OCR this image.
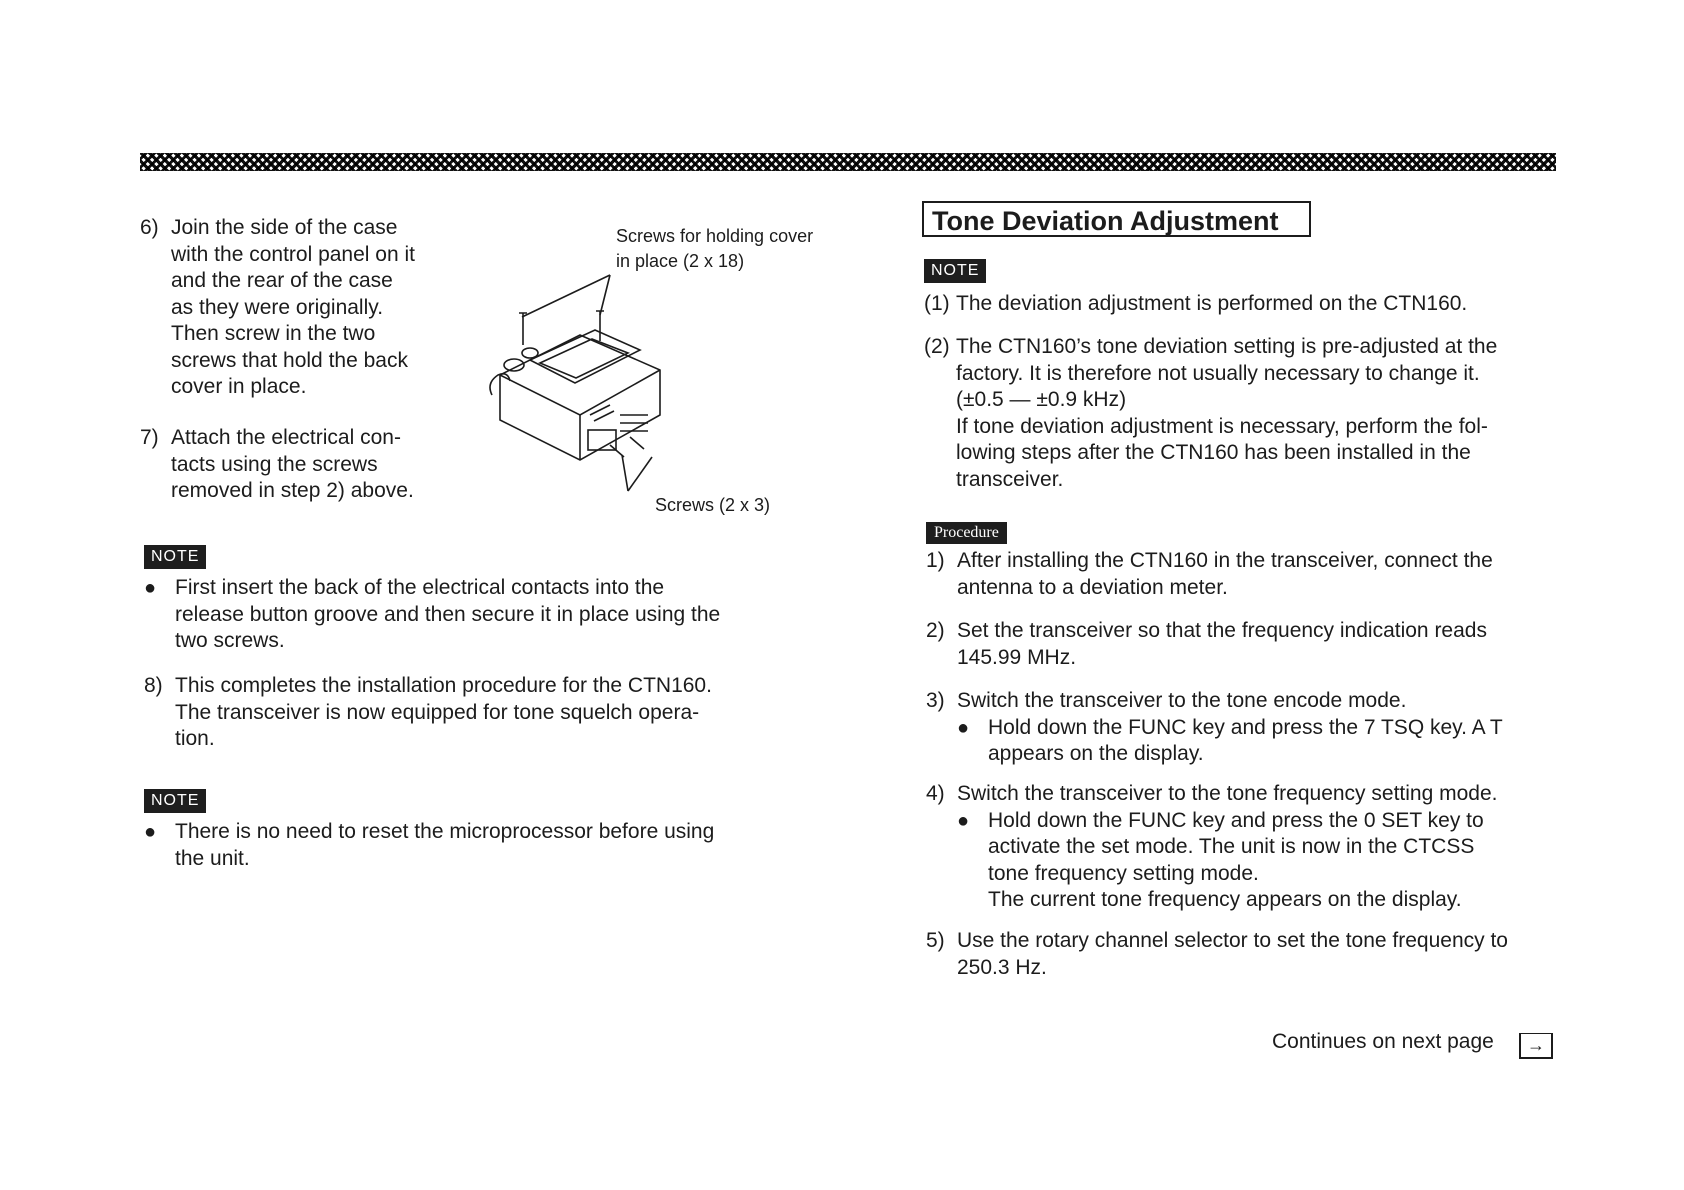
6) Join the side of the case
with the control panel on it
and the rear of the case
as they were originally.
Then screw in the two
screws that hold the back
cover in place.
7) Attach the electrical con-
tacts using the screws
removed in step 2) above.
Screws for holding cover
in place (2 x 18)
Screws (2 x 3)
NOTE
● First insert the back of the electrical contacts into the
release button groove and then secure it in place using the
two screws.
8) This completes the installation procedure for the CTN160.
The transceiver is now equipped for tone squelch opera-
tion.
NOTE
● There is no need to reset the microprocessor before using
the unit.
Tone Deviation Adjustment
NOTE
(1) The deviation adjustment is performed on the CTN160.
(2) The CTN160’s tone deviation setting is pre-adjusted at the
factory. It is therefore not usually necessary to change it.
(±0.5 — ±0.9 kHz)
If tone deviation adjustment is necessary, perform the fol-
lowing steps after the CTN160 has been installed in the
transceiver.
Procedure
1) After installing the CTN160 in the transceiver, connect the
antenna to a deviation meter.
2) Set the transceiver so that the frequency indication reads
145.99 MHz.
3) Switch the transceiver to the tone encode mode.
● Hold down the FUNC key and press the 7 TSQ key. A T
appears on the display.
4) Switch the transceiver to the tone frequency setting mode.
● Hold down the FUNC key and press the 0 SET key to
activate the set mode. The unit is now in the CTCSS
tone frequency setting mode.
The current tone frequency appears on the display.
5) Use the rotary channel selector to set the tone frequency to
250.3 Hz.
Continues on next page	→
